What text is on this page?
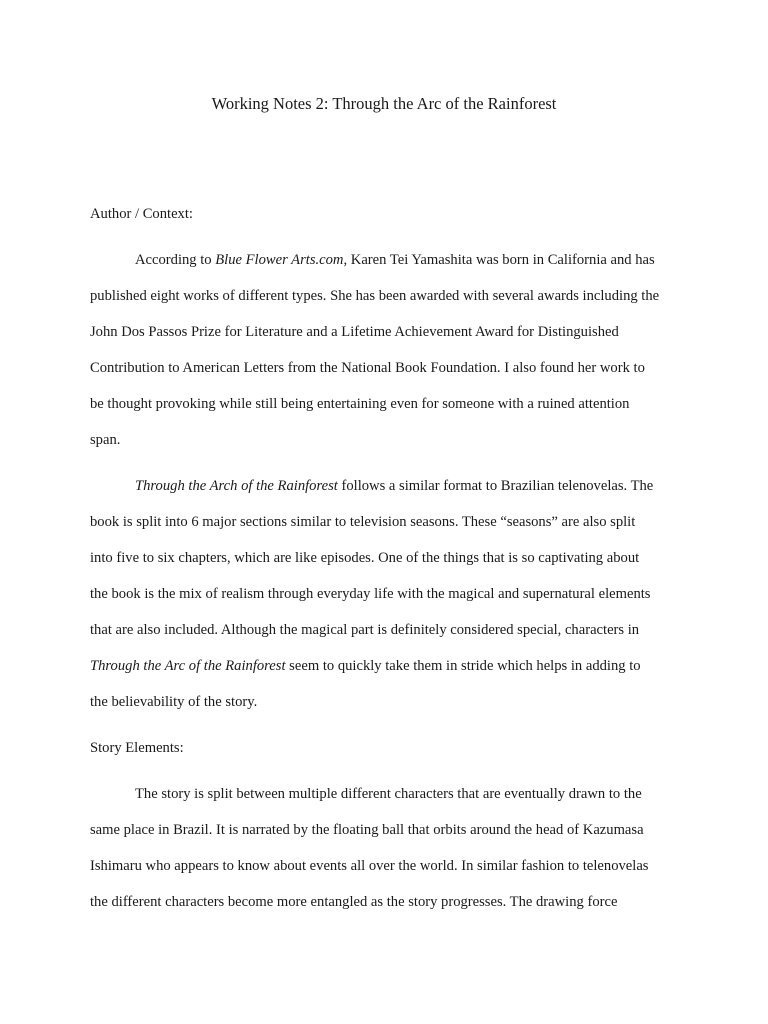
Working Notes 2: Through the Arc of the Rainforest
Author / Context:
According to Blue Flower Arts.com, Karen Tei Yamashita was born in California and has
published eight works of different types. She has been awarded with several awards including the
John Dos Passos Prize for Literature and a Lifetime Achievement Award for Distinguished
Contribution to American Letters from the National Book Foundation. I also found her work to
be thought provoking while still being entertaining even for someone with a ruined attention
span.
Through the Arch of the Rainforest follows a similar format to Brazilian telenovelas. The
book is split into 6 major sections similar to television seasons. These “seasons” are also split
into five to six chapters, which are like episodes. One of the things that is so captivating about
the book is the mix of realism through everyday life with the magical and supernatural elements
that are also included. Although the magical part is definitely considered special, characters in
Through the Arc of the Rainforest seem to quickly take them in stride which helps in adding to
the believability of the story.
Story Elements:
The story is split between multiple different characters that are eventually drawn to the
same place in Brazil. It is narrated by the floating ball that orbits around the head of Kazumasa
Ishimaru who appears to know about events all over the world. In similar fashion to telenovelas
the different characters become more entangled as the story progresses. The drawing force
